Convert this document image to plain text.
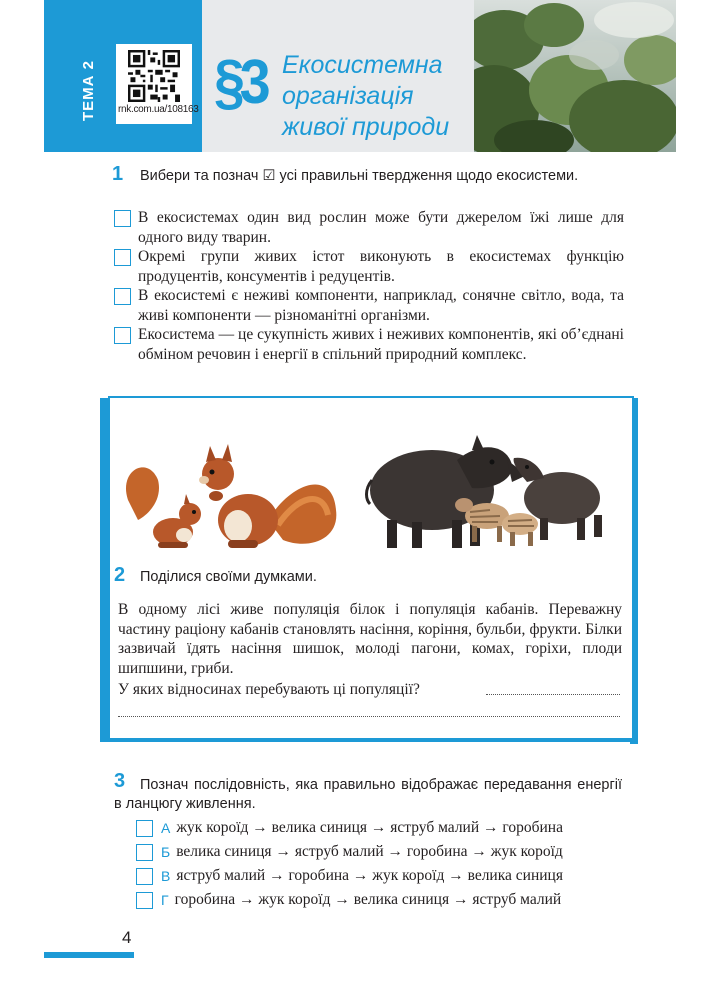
ТЕМА 2 rnk.com.ua/108163 §3 Екосистемна
організація
живої природи
1 Вибери та познач ☑ усі правильні твердження щодо екосистеми.
В екосистемах один вид рослин може бути джерелом їжі лише для одного виду тварин.
Окремі групи живих істот виконують в екосистемах функцію продуцентів, консументів і редуцентів.
В екосистемі є неживі компоненти, наприклад, сонячне світло, вода, та живі компоненти — різноманітні організми.
Екосистема — це сукупність живих і неживих компонентів, які об’єднані обміном речовин і енергії в спільний природний комплекс.
2 Поділися своїми думками.
В одному лісі живе популяція білок і популяція кабанів. Переважну частину раціону кабанів становлять насіння, коріння, бульби, фрукти. Білки зазвичай їдять насіння шишок, молоді пагони, комах, горіхи, плоди шипшини, гриби.
У яких відносинах перебувають ці популяції?
3	Познач послідовність, яка правильно відображає передавання енергії в ланцюгу живлення.
А жук короїд → велика синиця → яструб малий → горобина
Б велика синиця → яструб малий → горобина → жук короїд
В яструб малий → горобина → жук короїд → велика синиця
Г горобина → жук короїд → велика синиця → яструб малий
4
